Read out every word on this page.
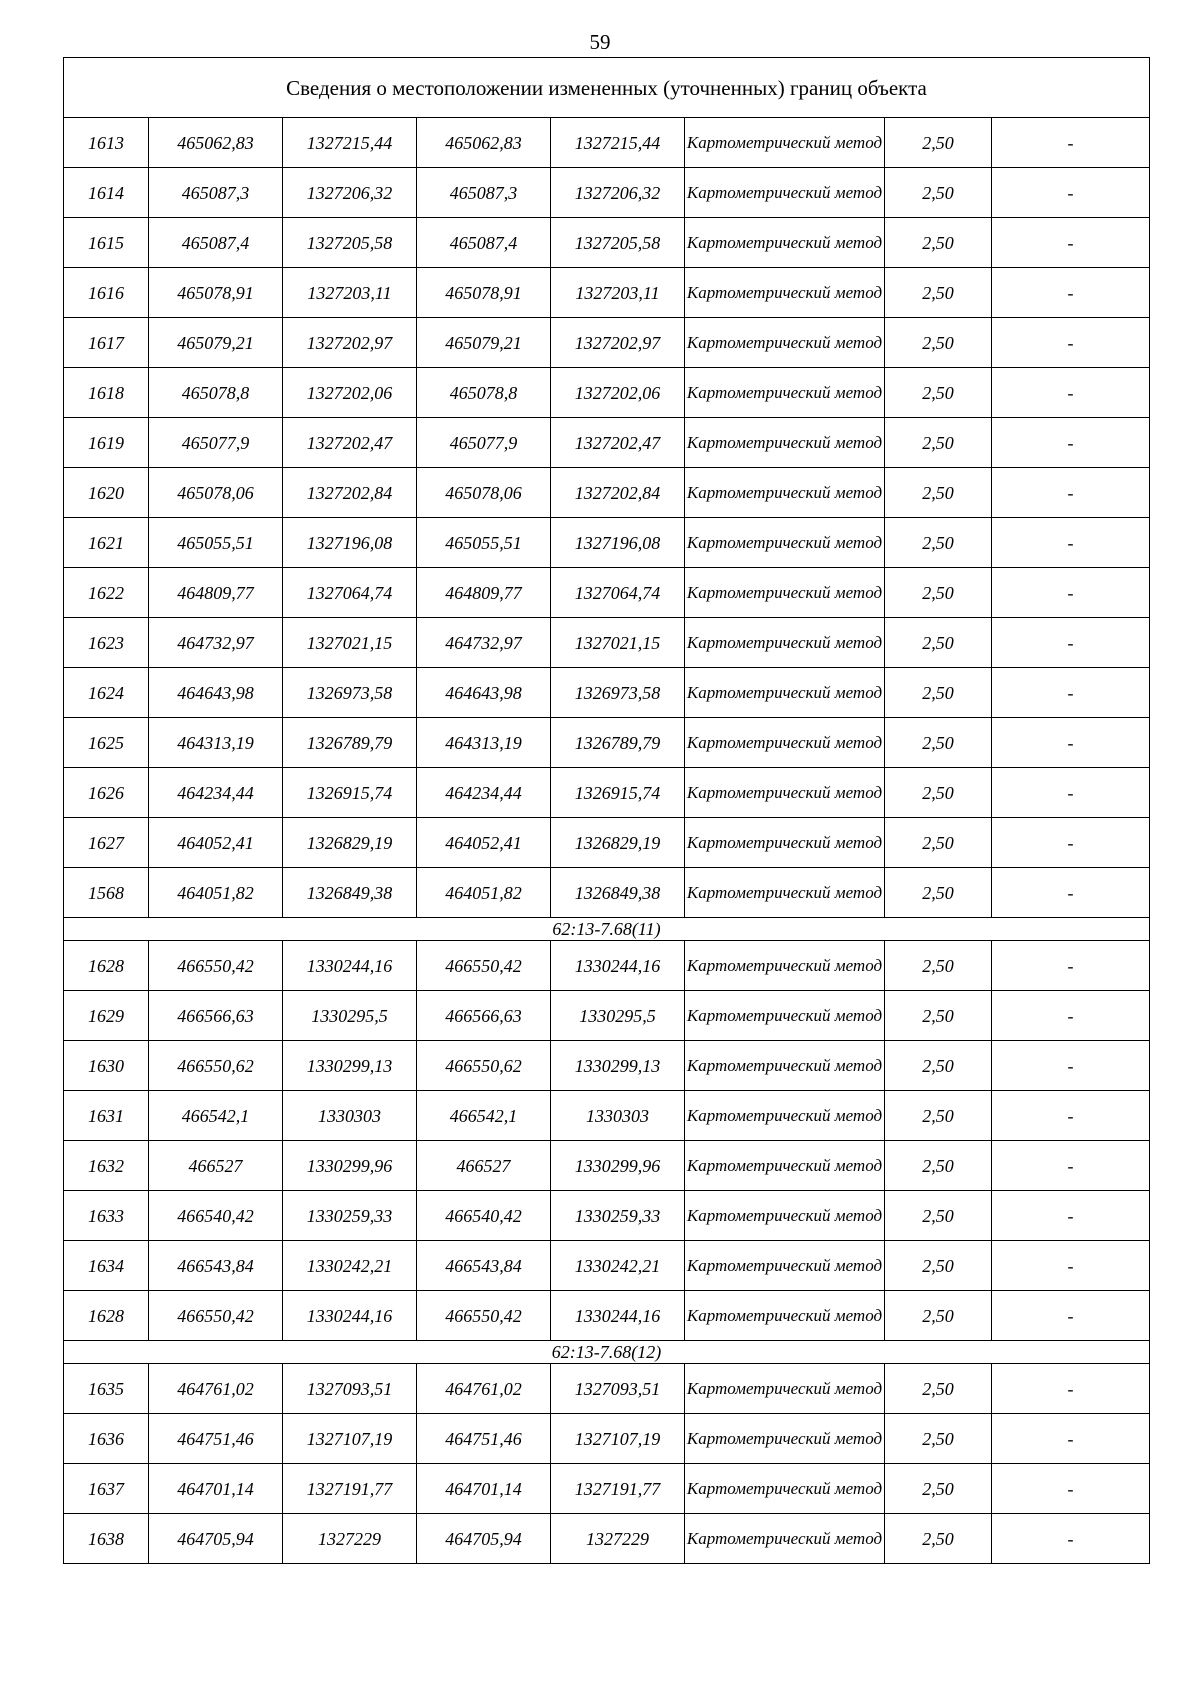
59
Сведения о местоположении измененных (уточненных) границ объекта							
1613	465062,83	1327215,44	465062,83	1327215,44	Картометрический метод	2,50	-
1614	465087,3	1327206,32	465087,3	1327206,32	Картометрический метод	2,50	-
1615	465087,4	1327205,58	465087,4	1327205,58	Картометрический метод	2,50	-
1616	465078,91	1327203,11	465078,91	1327203,11	Картометрический метод	2,50	-
1617	465079,21	1327202,97	465079,21	1327202,97	Картометрический метод	2,50	-
1618	465078,8	1327202,06	465078,8	1327202,06	Картометрический метод	2,50	-
1619	465077,9	1327202,47	465077,9	1327202,47	Картометрический метод	2,50	-
1620	465078,06	1327202,84	465078,06	1327202,84	Картометрический метод	2,50	-
1621	465055,51	1327196,08	465055,51	1327196,08	Картометрический метод	2,50	-
1622	464809,77	1327064,74	464809,77	1327064,74	Картометрический метод	2,50	-
1623	464732,97	1327021,15	464732,97	1327021,15	Картометрический метод	2,50	-
1624	464643,98	1326973,58	464643,98	1326973,58	Картометрический метод	2,50	-
1625	464313,19	1326789,79	464313,19	1326789,79	Картометрический метод	2,50	-
1626	464234,44	1326915,74	464234,44	1326915,74	Картометрический метод	2,50	-
1627	464052,41	1326829,19	464052,41	1326829,19	Картометрический метод	2,50	-
1568	464051,82	1326849,38	464051,82	1326849,38	Картометрический метод	2,50	-
62:13-7.68(11)							
1628	466550,42	1330244,16	466550,42	1330244,16	Картометрический метод	2,50	-
1629	466566,63	1330295,5	466566,63	1330295,5	Картометрический метод	2,50	-
1630	466550,62	1330299,13	466550,62	1330299,13	Картометрический метод	2,50	-
1631	466542,1	1330303	466542,1	1330303	Картометрический метод	2,50	-
1632	466527	1330299,96	466527	1330299,96	Картометрический метод	2,50	-
1633	466540,42	1330259,33	466540,42	1330259,33	Картометрический метод	2,50	-
1634	466543,84	1330242,21	466543,84	1330242,21	Картометрический метод	2,50	-
1628	466550,42	1330244,16	466550,42	1330244,16	Картометрический метод	2,50	-
62:13-7.68(12)							
1635	464761,02	1327093,51	464761,02	1327093,51	Картометрический метод	2,50	-
1636	464751,46	1327107,19	464751,46	1327107,19	Картометрический метод	2,50	-
1637	464701,14	1327191,77	464701,14	1327191,77	Картометрический метод	2,50	-
1638	464705,94	1327229	464705,94	1327229	Картометрический метод	2,50	-
